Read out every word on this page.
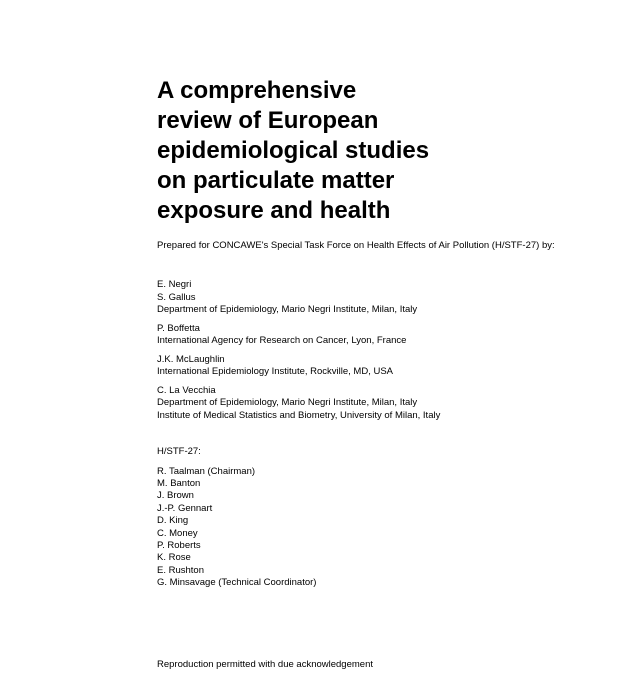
A comprehensive
review of European
epidemiological studies
on particulate matter
exposure and health

Prepared for CONCAWE's Special Task Force on Health Effects of Air Pollution (H/STF-27) by:

E. Negri
S. Gallus
Department of Epidemiology, Mario Negri Institute, Milan, Italy
P. Boffetta
International Agency for Research on Cancer, Lyon, France
J.K. McLaughlin
International Epidemiology Institute, Rockville, MD, USA
C. La Vecchia
Department of Epidemiology, Mario Negri Institute, Milan, Italy
Institute of Medical Statistics and Biometry, University of Milan, Italy
H/STF-27:
R. Taalman (Chairman)
M. Banton
J. Brown
J.-P. Gennart
D. King
C. Money
P. Roberts
K. Rose
E. Rushton
G. Minsavage (Technical Coordinator)
Reproduction permitted with due acknowledgement
